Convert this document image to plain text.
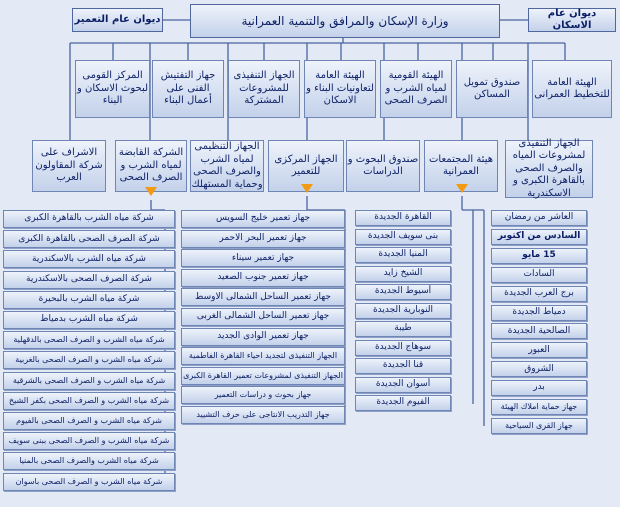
وزارة الإسكان والمرافق والتنمية العمرانية
ديوان عام التعمير
ديوان عام الاسكان
المركز القومى لبحوث الاسكان و البناء
جهاز التفتيش الفنى على أعمال البناء
الجهاز التنفيذى للمشروعات المشتركة
الهيئة العامة لتعاونيات البناء و الاسكان
الهيئة القومية لمياه الشرب و الصرف الصحى
صندوق تمويل المساكن
الهيئة العامة للتخطيط العمرانى
الاشراف على شركة المقاولون العرب
الشركة القابضة لمياه الشرب و الصرف الصحى
الجهاز التنظيمى لمياه الشرب والصرف الصحى وحماية المستهلك
الجهاز المركزى للتعمير
صندوق البحوث و الدراسات
هيئة المجتمعات العمرانية
الجهاز التنفيذى لمشروعات المياه والصرف الصحى بالقاهرة الكبرى و الاسكندرية
شركة مياه الشرب بالقاهرة الكبرى
شركة الصرف الصحى بالقاهرة الكبرى
شركة مياه الشرب بالاسكندرية
شركة الصرف الصحى بالاسكندرية
شركة مياه الشرب بالبحيرة
شركة مياه الشرب بدمياط
شركة مياه الشرب و الصرف الصحى بالدقهلية
شركة مياه الشرب و الصرف الصحى بالغربية
شركة مياه الشرب و الصرف الصحى بالشرقية
شركة مياه الشرب و الصرف الصحى بكفر الشيخ
شركة مياه الشرب و الصرف الصحى بالفيوم
شركة مياه الشرب و الصرف الصحى ببنى سويف
شركة مياه الشرب والصرف الصحى بالمنيا
شركة مياه الشرب و الصرف الصحى باسوان
جهاز تعمير خليج السويس
جهاز تعمير البحر الاحمر
جهاز تعمير سيناء
جهاز تعمير جنوب الصعيد
جهاز تعمير الساحل الشمالى الاوسط
جهاز تعمير الساحل الشمالى الغربى
جهاز تعمير الوادى الجديد
الجهاز التنفيذى لتجديد احياء القاهرة الفاطمية
الجهاز التنفيذى لمشروعات تعمير القاهرة الكبرى
جهاز بحوث و دراسات التعمير
جهاز التدريب الانتاجى على حرف التشييد
القاهرة الجديدة
بنى سويف الجديدة
المنيا الجديدة
الشيخ زايد
أسيوط الجديدة
النوبارية الجديدة
طيبة
سوهاج الجديدة
قنا الجديدة
أسوان الجديدة
الفيوم الجديدة
العاشر من رمضان
السادس من اكتوبر
15 مايو
السادات
برج العرب الجديدة
دمياط الجديدة
الصالحية الجديدة
العبور
الشروق
بدر
جهاز حماية املاك الهيئة
جهاز القرى السياحية
